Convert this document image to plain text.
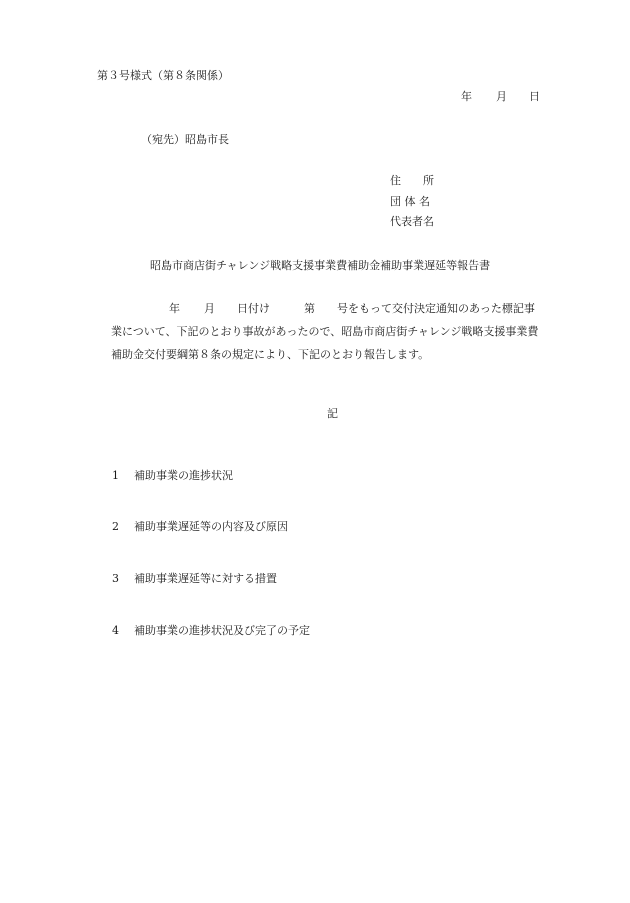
第３号様式（第８条関係）
年 月 日
（宛先）昭島市長
住　　所
団 体 名
代表者名
昭島市商店街チャレンジ戦略支援事業費補助金補助事業遅延等報告書
年 月 日付け	第 号をもって交付決定通知のあった標記事
業について、下記のとおり事故があったので、昭島市商店街チャレンジ戦略支援事業費
補助金交付要綱第８条の規定により、下記のとおり報告します。
記
1 補助事業の進捗状況
2 補助事業遅延等の内容及び原因
3 補助事業遅延等に対する措置
4 補助事業の進捗状況及び完了の予定
